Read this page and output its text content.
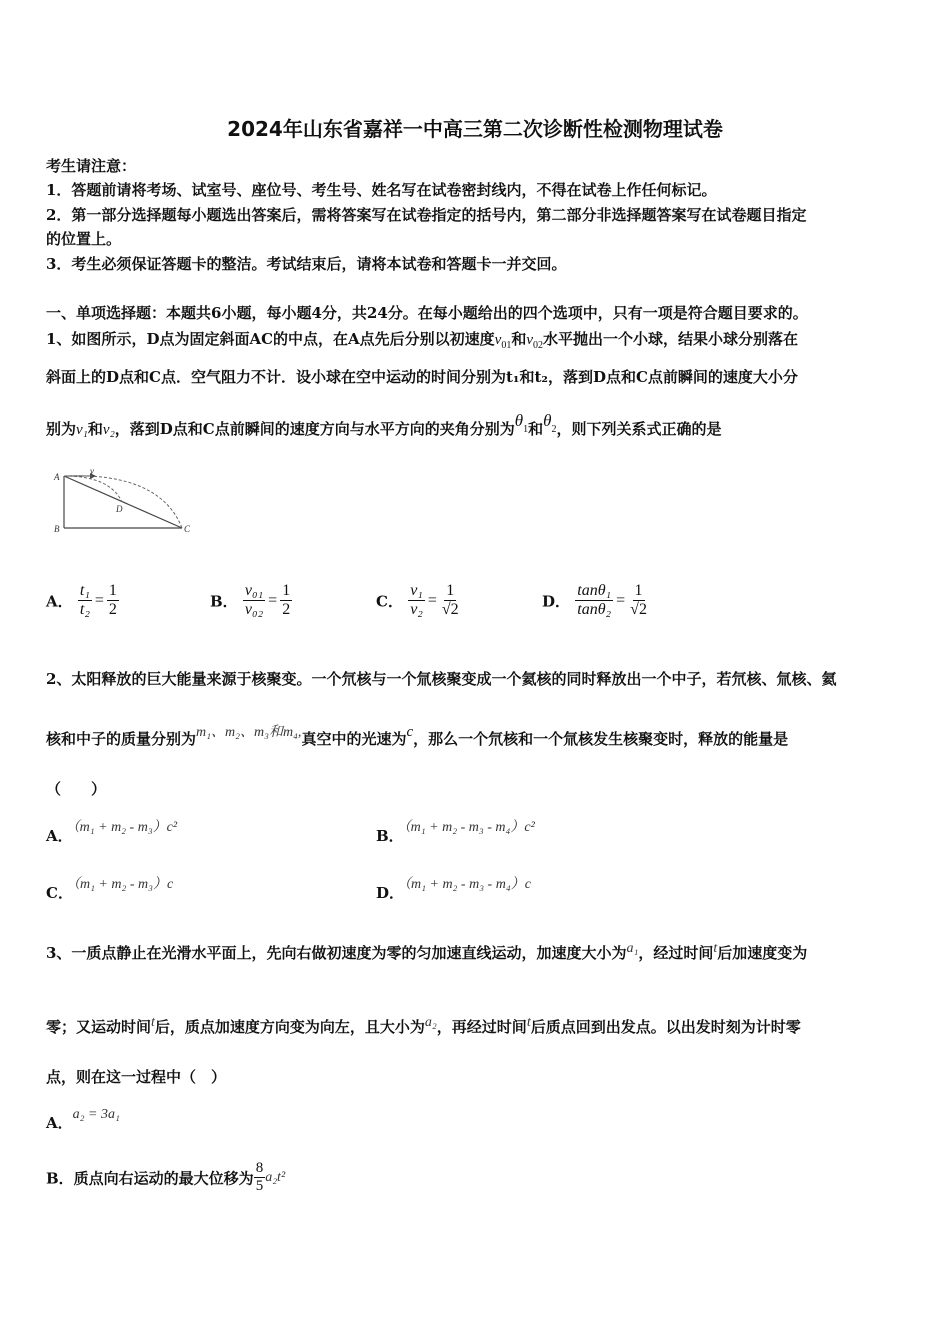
2024年山东省嘉祥一中高三第二次诊断性检测物理试卷
考生请注意：
1．答题前请将考场、试室号、座位号、考生号、姓名写在试卷密封线内，不得在试卷上作任何标记。
2．第一部分选择题每小题选出答案后，需将答案写在试卷指定的括号内，第二部分非选择题答案写在试卷题目指定
的位置上。
3．考生必须保证答题卡的整洁。考试结束后，请将本试卷和答题卡一并交回。
一、单项选择题：本题共6小题，每小题4分，共24分。在每小题给出的四个选项中，只有一项是符合题目要求的。
1、如图所示，D点为固定斜面AC的中点，在A点先后分别以初速度$v_{01}$和$v_{02}$水平抛出一个小球，结果小球分别落在
斜面上的D点和C点．空气阻力不计．设小球在空中运动的时间分别为t₁和t₂，落到D点和C点前瞬间的速度大小分
别为v₁和v₂，落到D点和C点前瞬间的速度方向与水平方向的夹角分别为$\theta_1$和$\theta_2$，则下列关系式正确的是
A
v
D
B	C
A． $\frac{\text{t₁}}{\text{t₂}} = \frac{1}{2}$	B． $\frac{\text{v₀₁}}{\text{v₀₂}} = \frac{1}{2}$	C． $\frac{\text{v₁}}{\text{v₂}} = \frac{1}{√2}$	D． $\frac{\text{tanθ₁}}{\text{tanθ₂}} = \frac{1}{√2}$
2、太阳释放的巨大能量来源于核聚变。一个氘核与一个氚核聚变成一个氦核的同时释放出一个中子，若氘核、氚核、氦
核和中子的质量分别为m₁、m₂、m₃和m₄,真空中的光速为c，那么一个氘核和一个氚核发生核聚变时，释放的能量是
（　　）
A．（m₁ + m₂ - m₃）c²	B．（m₁ + m₂ - m₃ - m₄）c²
C．（m₁ + m₂ - m₃）c	D．（m₁ + m₂ - m₃ - m₄）c
3、一质点静止在光滑水平面上，先向右做初速度为零的匀加速直线运动，加速度大小为a₁，经过时间t后加速度变为
零；又运动时间t后，质点加速度方向变为向左，且大小为a₂，再经过时间t后质点回到出发点。以出发时刻为计时零
点，则在这一过程中（　）
A．a₂ = 3a₁
B．质点向右运动的最大位移为 $\frac{8}{5} a_2t^2$
